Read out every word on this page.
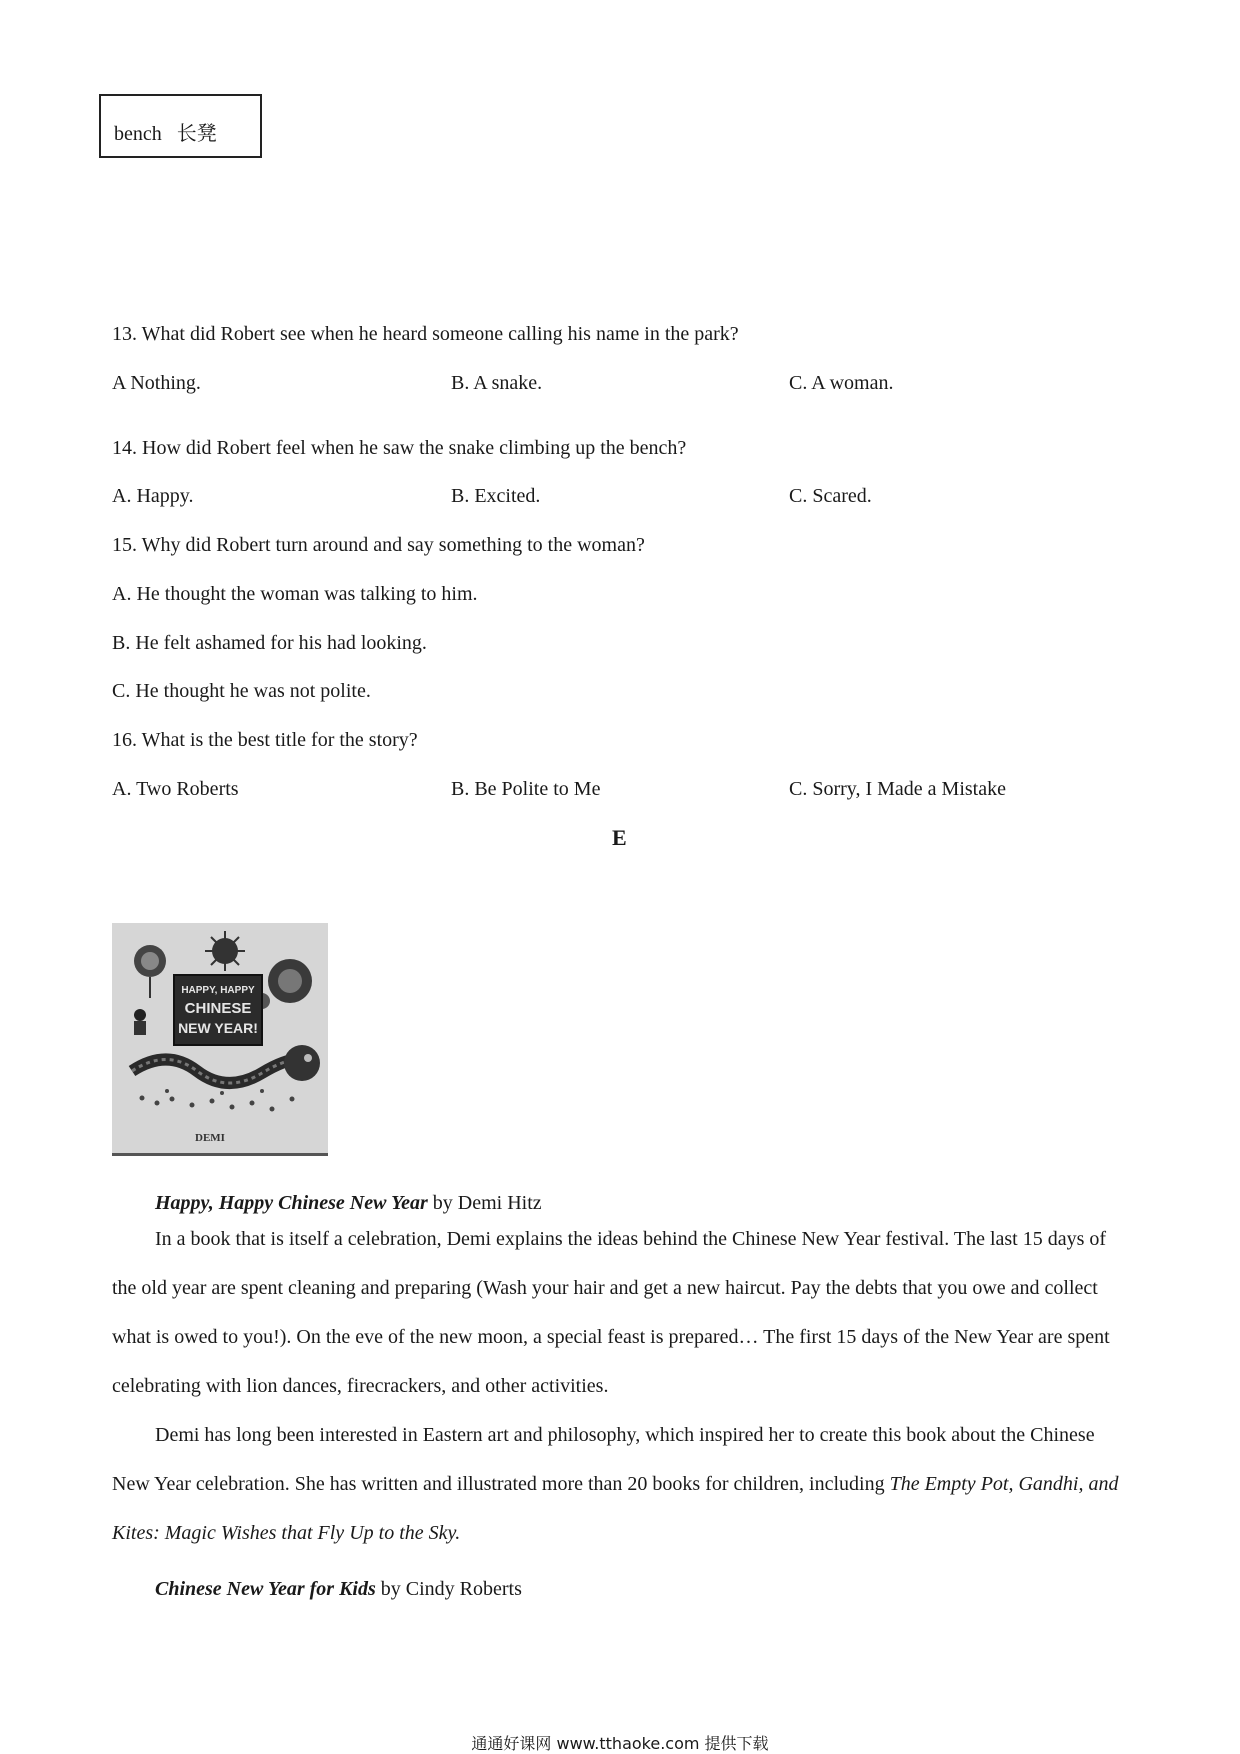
bench 长凳
13. What did Robert see when he heard someone calling his name in the park?
A Nothing.	B. A snake.	C. A woman.
14. How did Robert feel when he saw the snake climbing up the bench?
A. Happy.	B. Excited.	C. Scared.
15. Why did Robert turn around and say something to the woman?
A. He thought the woman was talking to him.
B. He felt ashamed for his had looking.
C. He thought he was not polite.
16. What is the best title for the story?
A. Two Roberts	B. Be Polite to Me	C. Sorry, I Made a Mistake
E
HAPPY, HAPPY
CHINESE
NEW YEAR!
DEMI
Happy, Happy Chinese New Year by Demi Hitz
In a book that is itself a celebration, Demi explains the ideas behind the Chinese New Year festival. The last 15 days of the old year are spent cleaning and preparing (Wash your hair and get a new haircut. Pay the debts that you owe and collect what is owed to you!). On the eve of the new moon, a special feast is prepared… The first 15 days of the New Year are spent celebrating with lion dances, firecrackers, and other activities.
Demi has long been interested in Eastern art and philosophy, which inspired her to create this book about the Chinese New Year celebration. She has written and illustrated more than 20 books for children, including The Empty Pot, Gandhi, and Kites: Magic Wishes that Fly Up to the Sky.
Chinese New Year for Kids by Cindy Roberts
通通好课网 www.tthaoke.com 提供下载
